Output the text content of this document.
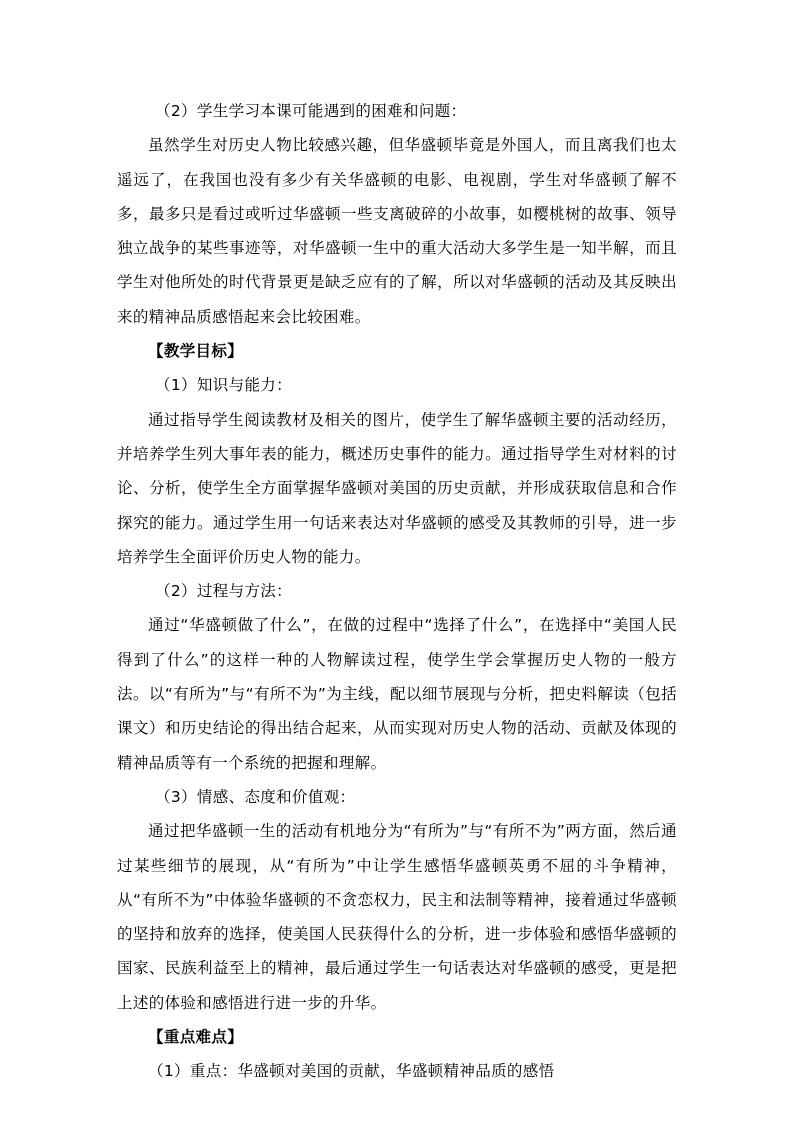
（2）学生学习本课可能遇到的困难和问题：

虽然学生对历史人物比较感兴趣，但华盛顿毕竟是外国人，而且离我们也太遥远了，在我国也没有多少有关华盛顿的电影、电视剧，学生对华盛顿了解不多，最多只是看过或听过华盛顿一些支离破碎的小故事，如樱桃树的故事、领导独立战争的某些事迹等，对华盛顿一生中的重大活动大多学生是一知半解，而且学生对他所处的时代背景更是缺乏应有的了解，所以对华盛顿的活动及其反映出来的精神品质感悟起来会比较困难。

【教学目标】

（1）知识与能力：

通过指导学生阅读教材及相关的图片，使学生了解华盛顿主要的活动经历，并培养学生列大事年表的能力，概述历史事件的能力。通过指导学生对材料的讨论、分析，使学生全方面掌握华盛顿对美国的历史贡献，并形成获取信息和合作探究的能力。通过学生用一句话来表达对华盛顿的感受及其教师的引导，进一步培养学生全面评价历史人物的能力。

（2）过程与方法：

通过“华盛顿做了什么”，在做的过程中“选择了什么”，在选择中“美国人民得到了什么”的这样一种的人物解读过程，使学生学会掌握历史人物的一般方法。以“有所为”与“有所不为”为主线，配以细节展现与分析，把史料解读（包括课文）和历史结论的得出结合起来，从而实现对历史人物的活动、贡献及体现的精神品质等有一个系统的把握和理解。

（3）情感、态度和价值观：

通过把华盛顿一生的活动有机地分为“有所为”与“有所不为”两方面，然后通过某些细节的展现，从“有所为”中让学生感悟华盛顿英勇不屈的斗争精神，从“有所不为”中体验华盛顿的不贪恋权力，民主和法制等精神，接着通过华盛顿的坚持和放弃的选择，使美国人民获得什么的分析，进一步体验和感悟华盛顿的国家、民族利益至上的精神，最后通过学生一句话表达对华盛顿的感受，更是把上述的体验和感悟进行进一步的升华。

【重点难点】

（1）重点：华盛顿对美国的贡献，华盛顿精神品质的感悟
